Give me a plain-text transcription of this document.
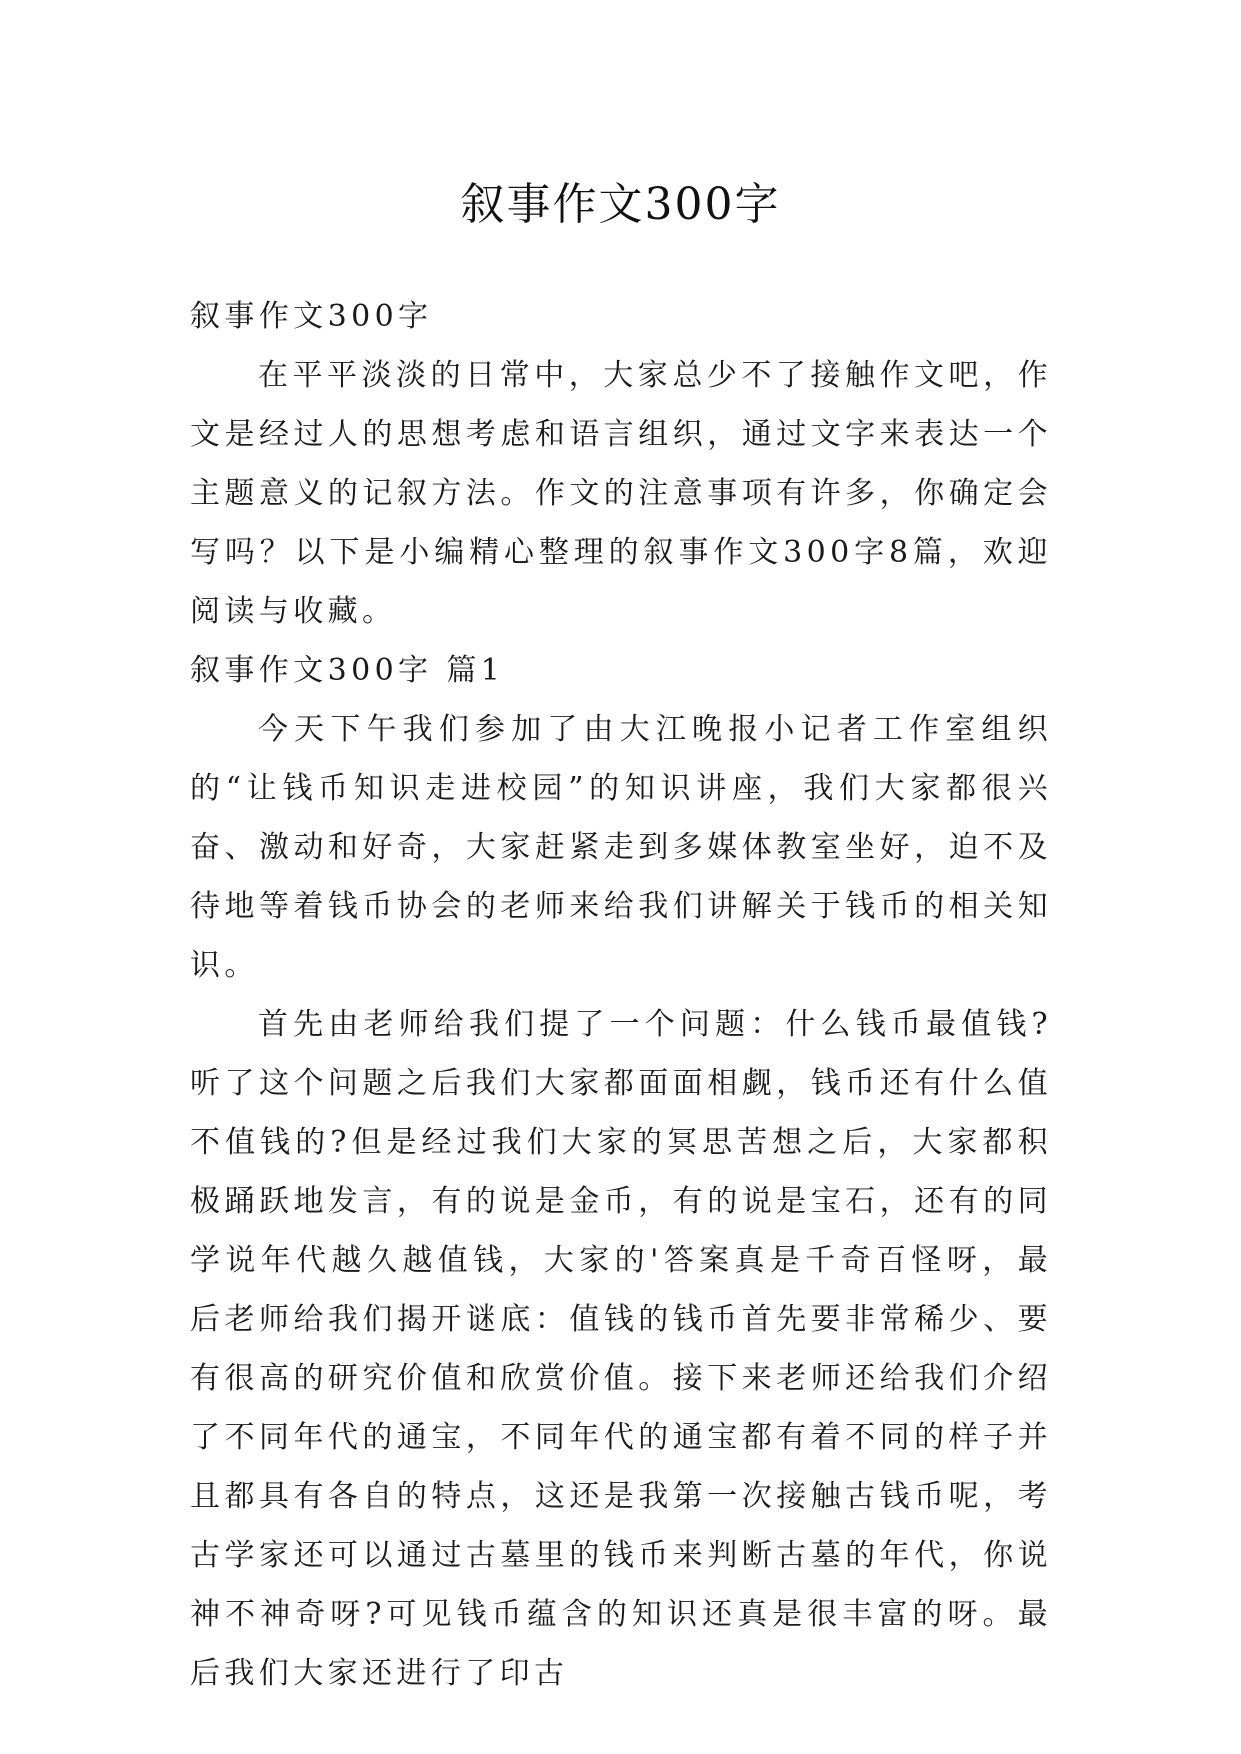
叙事作文300字

叙事作文300字

在平平淡淡的日常中，大家总少不了接触作文吧，作文是经过人的思想考虑和语言组织，通过文字来表达一个主题意义的记叙方法。作文的注意事项有许多，你确定会写吗？以下是小编精心整理的叙事作文300字8篇，欢迎阅读与收藏。

叙事作文300字 篇1

今天下午我们参加了由大江晚报小记者工作室组织的“让钱币知识走进校园”的知识讲座，我们大家都很兴奋、激动和好奇，大家赶紧走到多媒体教室坐好，迫不及待地等着钱币协会的老师来给我们讲解关于钱币的相关知识。

首先由老师给我们提了一个问题：什么钱币最值钱?听了这个问题之后我们大家都面面相觑，钱币还有什么值不值钱的?但是经过我们大家的冥思苦想之后，大家都积极踊跃地发言，有的说是金币，有的说是宝石，还有的同学说年代越久越值钱，大家的'答案真是千奇百怪呀，最后老师给我们揭开谜底：值钱的钱币首先要非常稀少、要有很高的研究价值和欣赏价值。接下来老师还给我们介绍了不同年代的通宝，不同年代的通宝都有着不同的样子并且都具有各自的特点，这还是我第一次接触古钱币呢，考古学家还可以通过古墓里的钱币来判断古墓的年代，你说神不神奇呀?可见钱币蕴含的知识还真是很丰富的呀。最后我们大家还进行了印古
